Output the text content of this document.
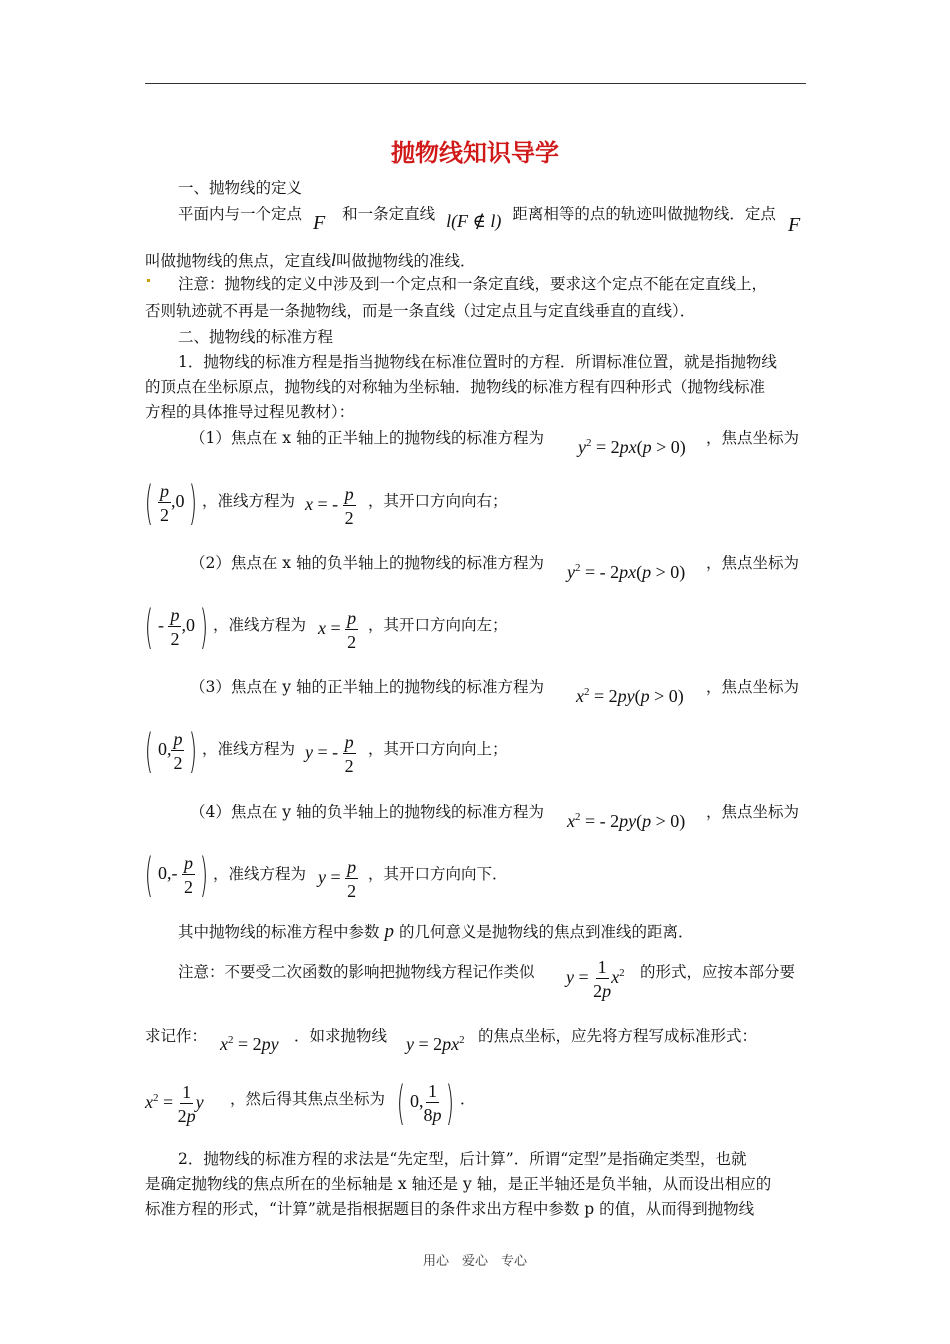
抛物线知识导学
一、抛物线的定义
平面内与一个定点 F 和一条定直线 l(F ∉ l) 距离相等的点的轨迹叫做抛物线．定点 F
叫做抛物线的焦点，定直线l叫做抛物线的准线．
注意：抛物线的定义中涉及到一个定点和一条定直线，要求这个定点不能在定直线上，
否则轨迹就不再是一条抛物线，而是一条直线（过定点且与定直线垂直的直线）．
二、抛物线的标准方程
1．抛物线的标准方程是指当抛物线在标准位置时的方程．所谓标准位置，就是指抛物线
的顶点在坐标原点，抛物线的对称轴为坐标轴．抛物线的标准方程有四种形式（抛物线标准
方程的具体推导过程见教材）：
（1）焦点在 x 轴的正半轴上的抛物线的标准方程为 $y^2 = 2px(p > 0)$ ，焦点坐标为
( $\frac{p}{2} ,0$ ) ，准线方程为 x = - $\frac{p}{2}$ ，其开口方向向右；
（2）焦点在 x 轴的负半轴上的抛物线的标准方程为 $y^2$ = - 2px(p > 0) ，焦点坐标为
( - $\frac{p}{2} ,0$ ) ，准线方程为 $x = \frac{p}{2}$ ，其开口方向向左；
（3）焦点在 y 轴的正半轴上的抛物线的标准方程为 $x^2 = 2py(p > 0)$ ，焦点坐标为
( 0, $\frac{p}{2}$ ) ，准线方程为 y = - $\frac{p}{2}$ ，其开口方向向上；
（4）焦点在 y 轴的负半轴上的抛物线的标准方程为 $x^2$ = - 2py(p > 0) ，焦点坐标为
( $0,- \frac{p}{2}$ ) ，准线方程为 $y = \frac{p}{2}$ ，其开口方向向下．
其中抛物线的标准方程中参数 p 的几何意义是抛物线的焦点到准线的距离．
注意：不要受二次函数的影响把抛物线方程记作类似 $y = \frac{1}{2p} x^2$ 的形式，应按本部分要
求记作： $x^2 = 2py$ ．如求抛物线 $y = 2px^2$ 的焦点坐标，应先将方程写成标准形式：
$x^2 = \frac{1}{2p}$ y ，然后得其焦点坐标为 ( 0, $\frac{1}{8p}$ ) ．
2．抛物线的标准方程的求法是“先定型，后计算”．所谓“定型”是指确定类型，也就
是确定抛物线的焦点所在的坐标轴是 x 轴还是 y 轴，是正半轴还是负半轴，从而设出相应的
标准方程的形式，“计算”就是指根据题目的条件求出方程中参数 p 的值，从而得到抛物线
用心　爱心　专心
